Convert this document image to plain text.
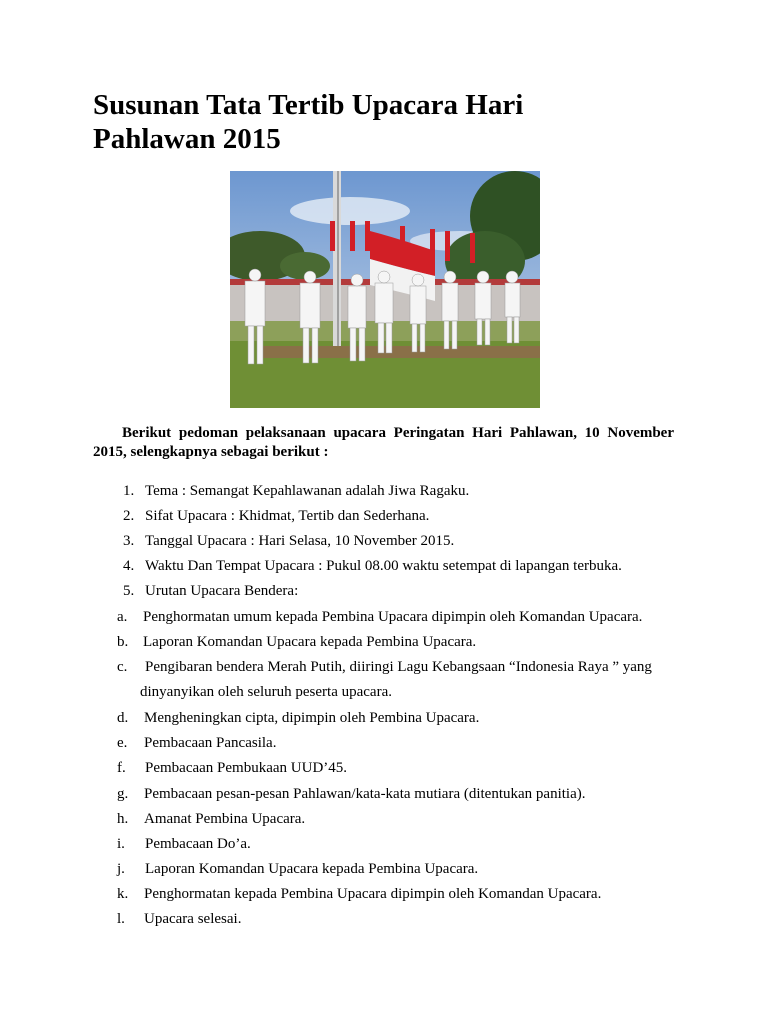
Susunan Tata Tertib Upacara Hari
Pahlawan 2015

Berikut pedoman pelaksanaan upacara Peringatan Hari Pahlawan, 10 November 2015, selengkapnya sebagai berikut :

1. Tema : Semangat Kepahlawanan adalah Jiwa Ragaku.
2. Sifat Upacara : Khidmat, Tertib dan Sederhana.
3. Tanggal Upacara : Hari Selasa, 10 November 2015.
4. Waktu Dan Tempat Upacara : Pukul 08.00 waktu setempat di lapangan terbuka.
5. Urutan Upacara Bendera:
a. Penghormatan umum kepada Pembina Upacara dipimpin oleh Komandan Upacara.
b. Laporan Komandan Upacara kepada Pembina Upacara.
c. Pengibaran bendera Merah Putih, diiringi Lagu Kebangsaan “Indonesia Raya ” yang
dinyanyikan oleh seluruh peserta upacara.
d. Mengheningkan cipta, dipimpin oleh Pembina Upacara.
e. Pembacaan Pancasila.
f. Pembacaan Pembukaan UUD’45.
g. Pembacaan pesan-pesan Pahlawan/kata-kata mutiara (ditentukan panitia).
h. Amanat Pembina Upacara.
i. Pembacaan Do’a.
j. Laporan Komandan Upacara kepada Pembina Upacara.
k. Penghormatan kepada Pembina Upacara dipimpin oleh Komandan Upacara.
l. Upacara selesai.
